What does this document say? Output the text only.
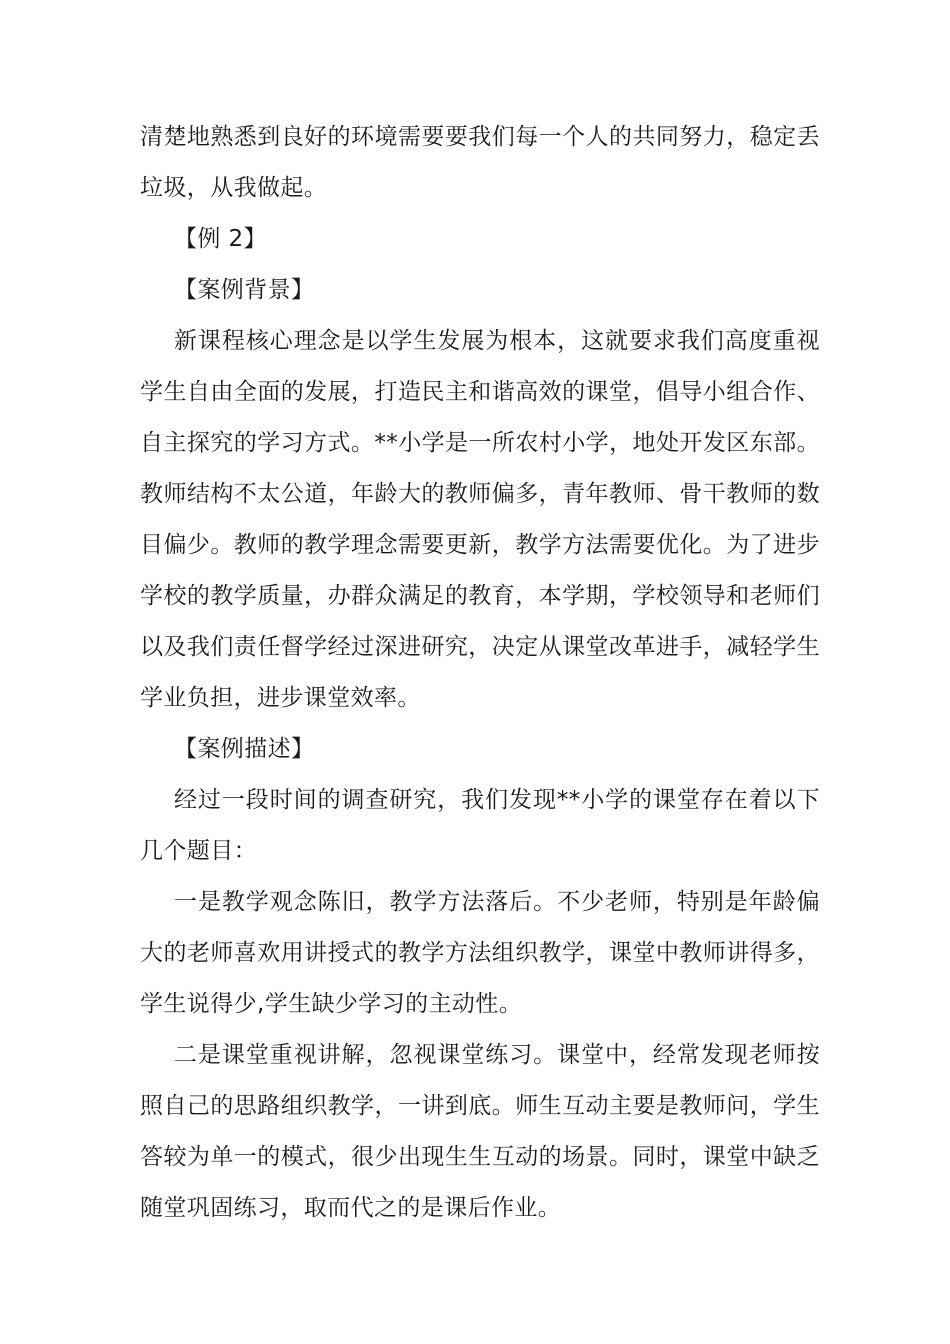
清楚地熟悉到良好的环境需要要我们每一个人的共同努力，稳定丢垃圾，从我做起。

【例 2】

【案例背景】

新课程核心理念是以学生发展为根本，这就要求我们高度重视学生自由全面的发展，打造民主和谐高效的课堂，倡导小组合作、自主探究的学习方式。**小学是一所农村小学，地处开发区东部。教师结构不太公道，年龄大的教师偏多，青年教师、骨干教师的数目偏少。教师的教学理念需要更新，教学方法需要优化。为了进步学校的教学质量，办群众满足的教育，本学期，学校领导和老师们以及我们责任督学经过深进研究，决定从课堂改革进手，减轻学生学业负担，进步课堂效率。

【案例描述】

经过一段时间的调查研究，我们发现**小学的课堂存在着以下几个题目：

一是教学观念陈旧，教学方法落后。不少老师，特别是年龄偏大的老师喜欢用讲授式的教学方法组织教学，课堂中教师讲得多，学生说得少,学生缺少学习的主动性。

二是课堂重视讲解，忽视课堂练习。课堂中，经常发现老师按照自己的思路组织教学，一讲到底。师生互动主要是教师问，学生答较为单一的模式，很少出现生生互动的场景。同时，课堂中缺乏随堂巩固练习，取而代之的是课后作业。
